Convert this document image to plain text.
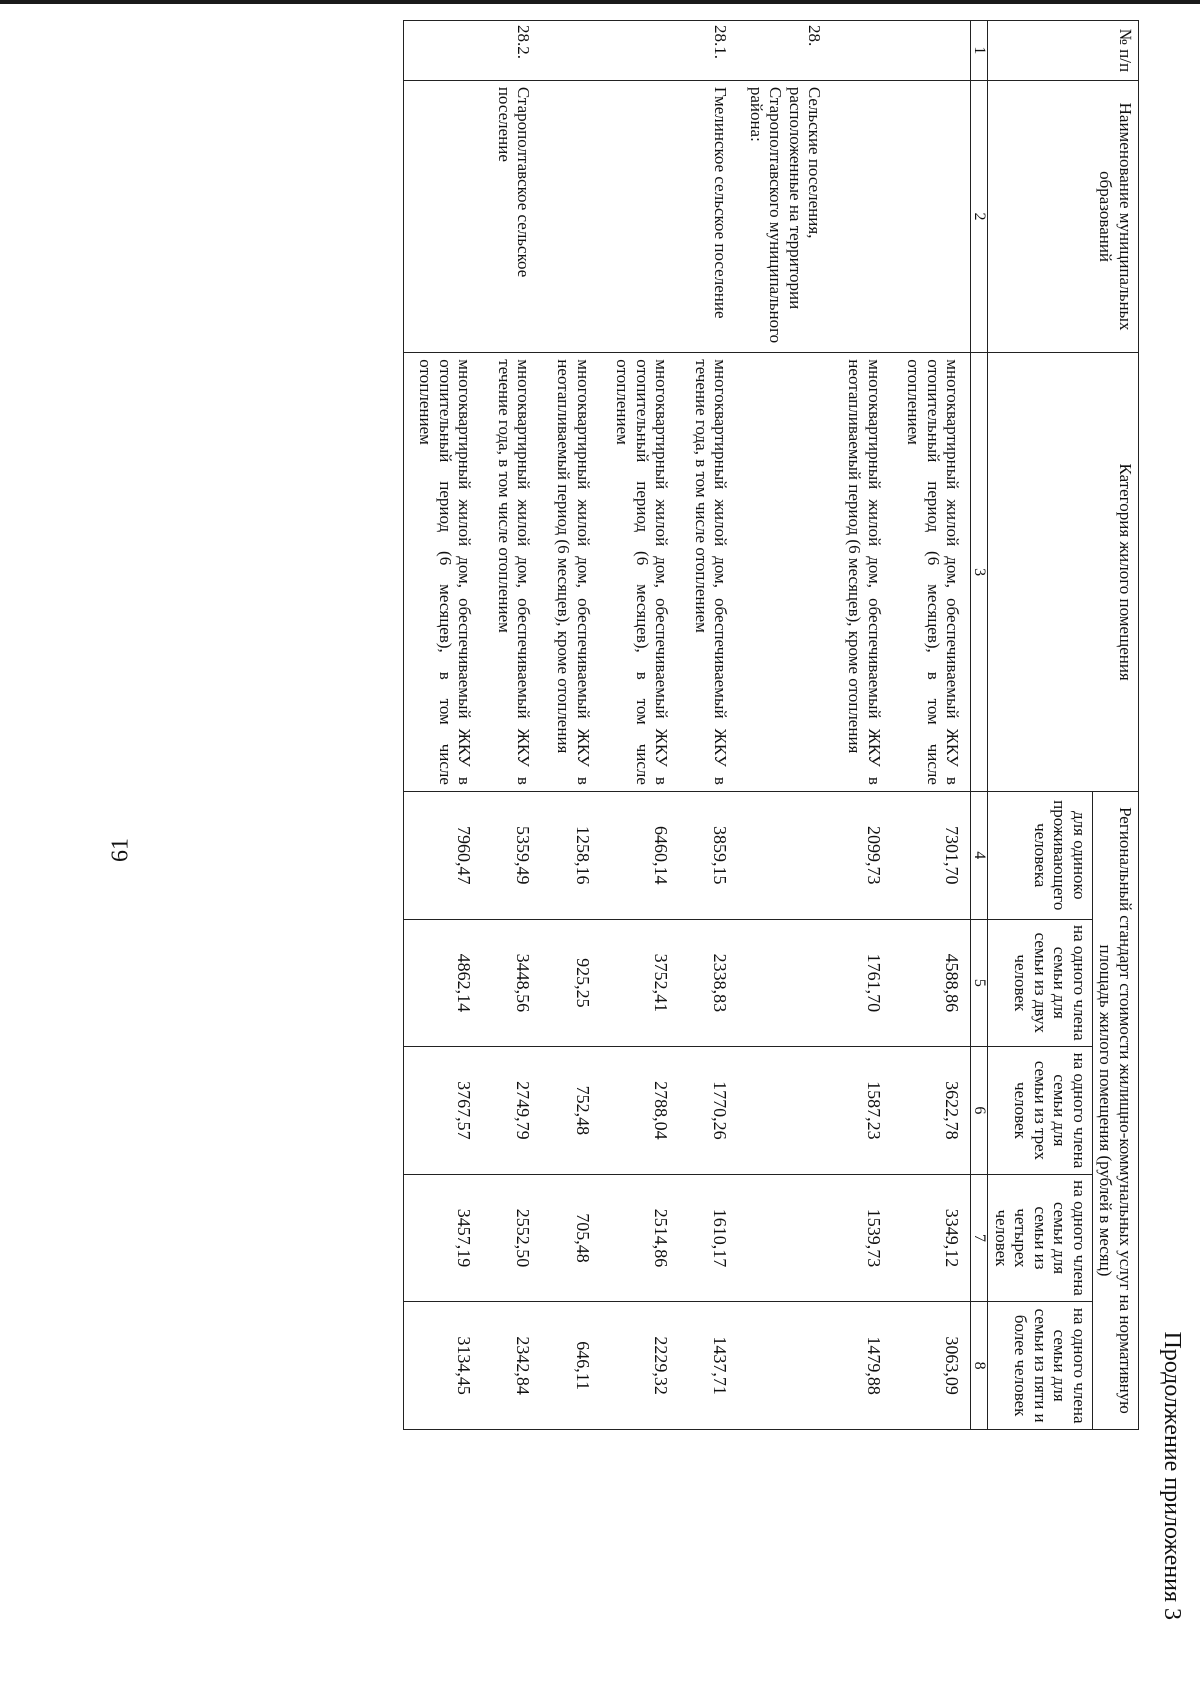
61
Продолжение приложения 3
№ п/п	Наименование муниципальных образований	Категория жилого помещения	Региональный стандарт стоимости жилищно-коммунальных услуг на нормативную площадь жилого помещения (рублей в месяц)				
			для одиноко проживающего человека	на одного члена семьи для семьи из двух человек	на одного члена семьи для семьи из трех человек	на одного члена семьи для семьи из четырех человек	на одного члена семьи для семьи из пяти и более человек
1	2	3	4	5	6	7	8
		многоквартирный жилой дом, обеспечиваемый ЖКУ в отопительный период (6 месяцев), в том числе отоплением	7301,70	4588,86	3622,78	3349,12	3063,09
		многоквартирный жилой дом, обеспечиваемый ЖКУ в неотапливаемый период (6 месяцев), кроме отопления	2099,73	1761,70	1587,23	1539,73	1479,88
28.	Сельские поселения, расположенные на территории Старополтавского муниципального района:						
28.1.	Гмелинское сельское поселение	многоквартирный жилой дом, обеспечиваемый ЖКУ в течение года, в том числе отоплением	3859,15	2338,83	1770,26	1610,17	1437,71
		многоквартирный жилой дом, обеспечиваемый ЖКУ в отопительный период (6 месяцев), в том числе отоплением	6460,14	3752,41	2788,04	2514,86	2229,32
		многоквартирный жилой дом, обеспечиваемый ЖКУ в неотапливаемый период (6 месяцев), кроме отопления	1258,16	925,25	752,48	705,48	646,11
28.2.	Старополтавское сельское поселение	многоквартирный жилой дом, обеспечиваемый ЖКУ в течение года, в том числе отоплением	5359,49	3448,56	2749,79	2552,50	2342,84
		многоквартирный жилой дом, обеспечиваемый ЖКУ в отопительный период (6 месяцев), в том числе отоплением	7960,47	4862,14	3767,57	3457,19	3134,45
